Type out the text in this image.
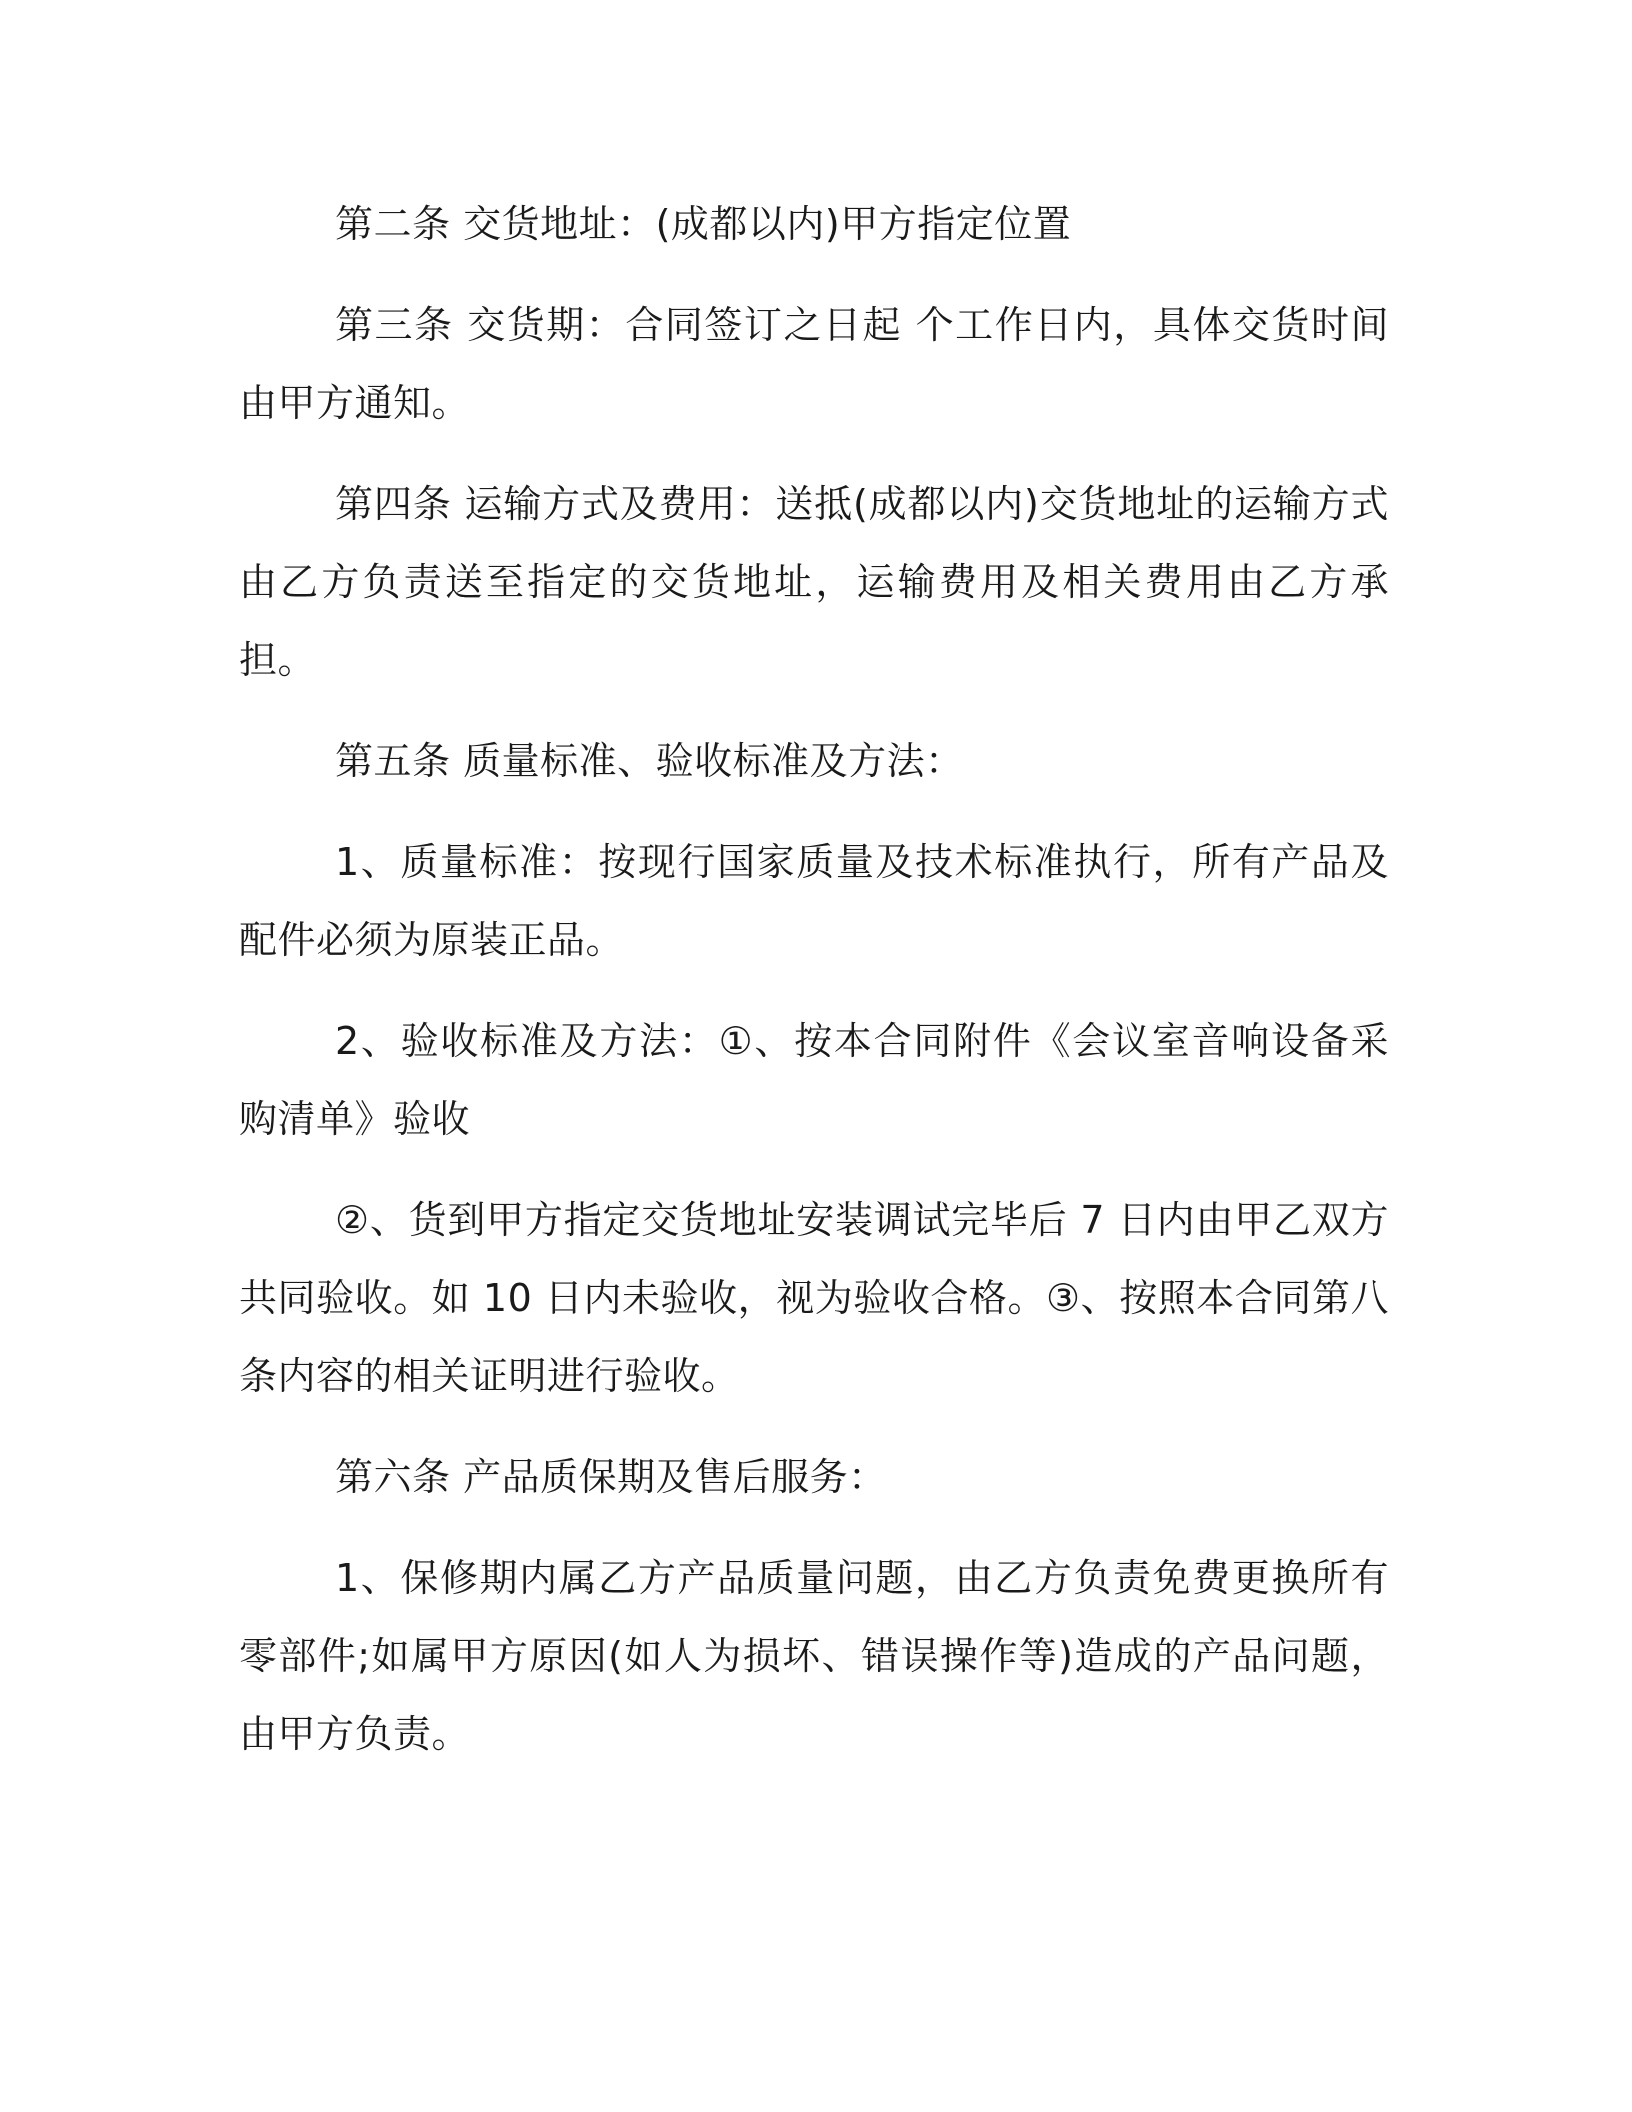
第二条 交货地址：(成都以内)甲方指定位置

第三条 交货期：合同签订之日起 个工作日内，具体交货时间由甲方通知。

第四条 运输方式及费用：送抵(成都以内)交货地址的运输方式由乙方负责送至指定的交货地址，运输费用及相关费用由乙方承担。

第五条 质量标准、验收标准及方法：

1、质量标准：按现行国家质量及技术标准执行，所有产品及配件必须为原装正品。

2、验收标准及方法：①、按本合同附件《会议室音响设备采购清单》验收

②、货到甲方指定交货地址安装调试完毕后 7 日内由甲乙双方共同验收。如 10 日内未验收，视为验收合格。③、按照本合同第八条内容的相关证明进行验收。

第六条 产品质保期及售后服务：

1、保修期内属乙方产品质量问题，由乙方负责免费更换所有零部件;如属甲方原因(如人为损坏、错误操作等)造成的产品问题，由甲方负责。
